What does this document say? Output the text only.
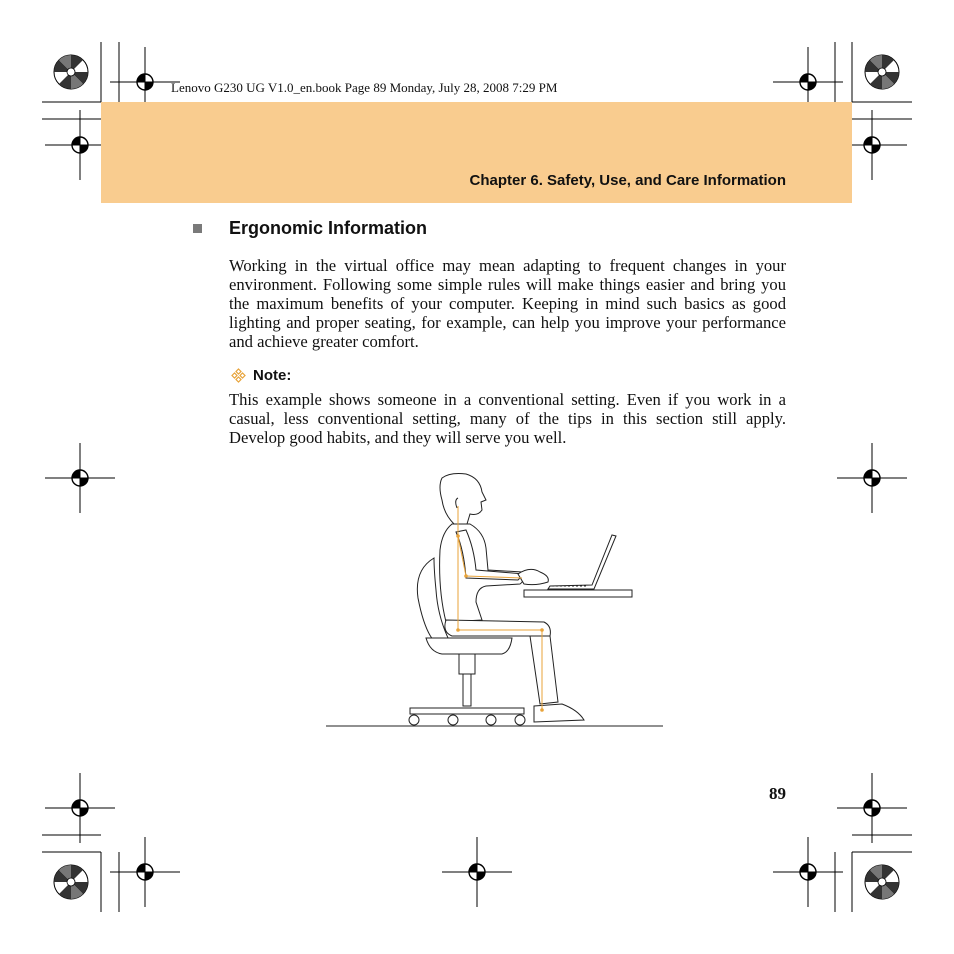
Lenovo G230 UG V1.0_en.book Page 89 Monday, July 28, 2008 7:29 PM
Chapter 6. Safety, Use, and Care Information
Ergonomic Information

Working in the virtual office may mean adapting to frequent changes in your environment. Following some simple rules will make things easier and bring you the maximum benefits of your computer. Keeping in mind such basics as good lighting and proper seating, for example, can help you improve your performance and achieve greater comfort.

Note:

This example shows someone in a conventional setting. Even if you work in a casual, less conventional setting, many of the tips in this section still apply. Develop good habits, and they will serve you well.

89
